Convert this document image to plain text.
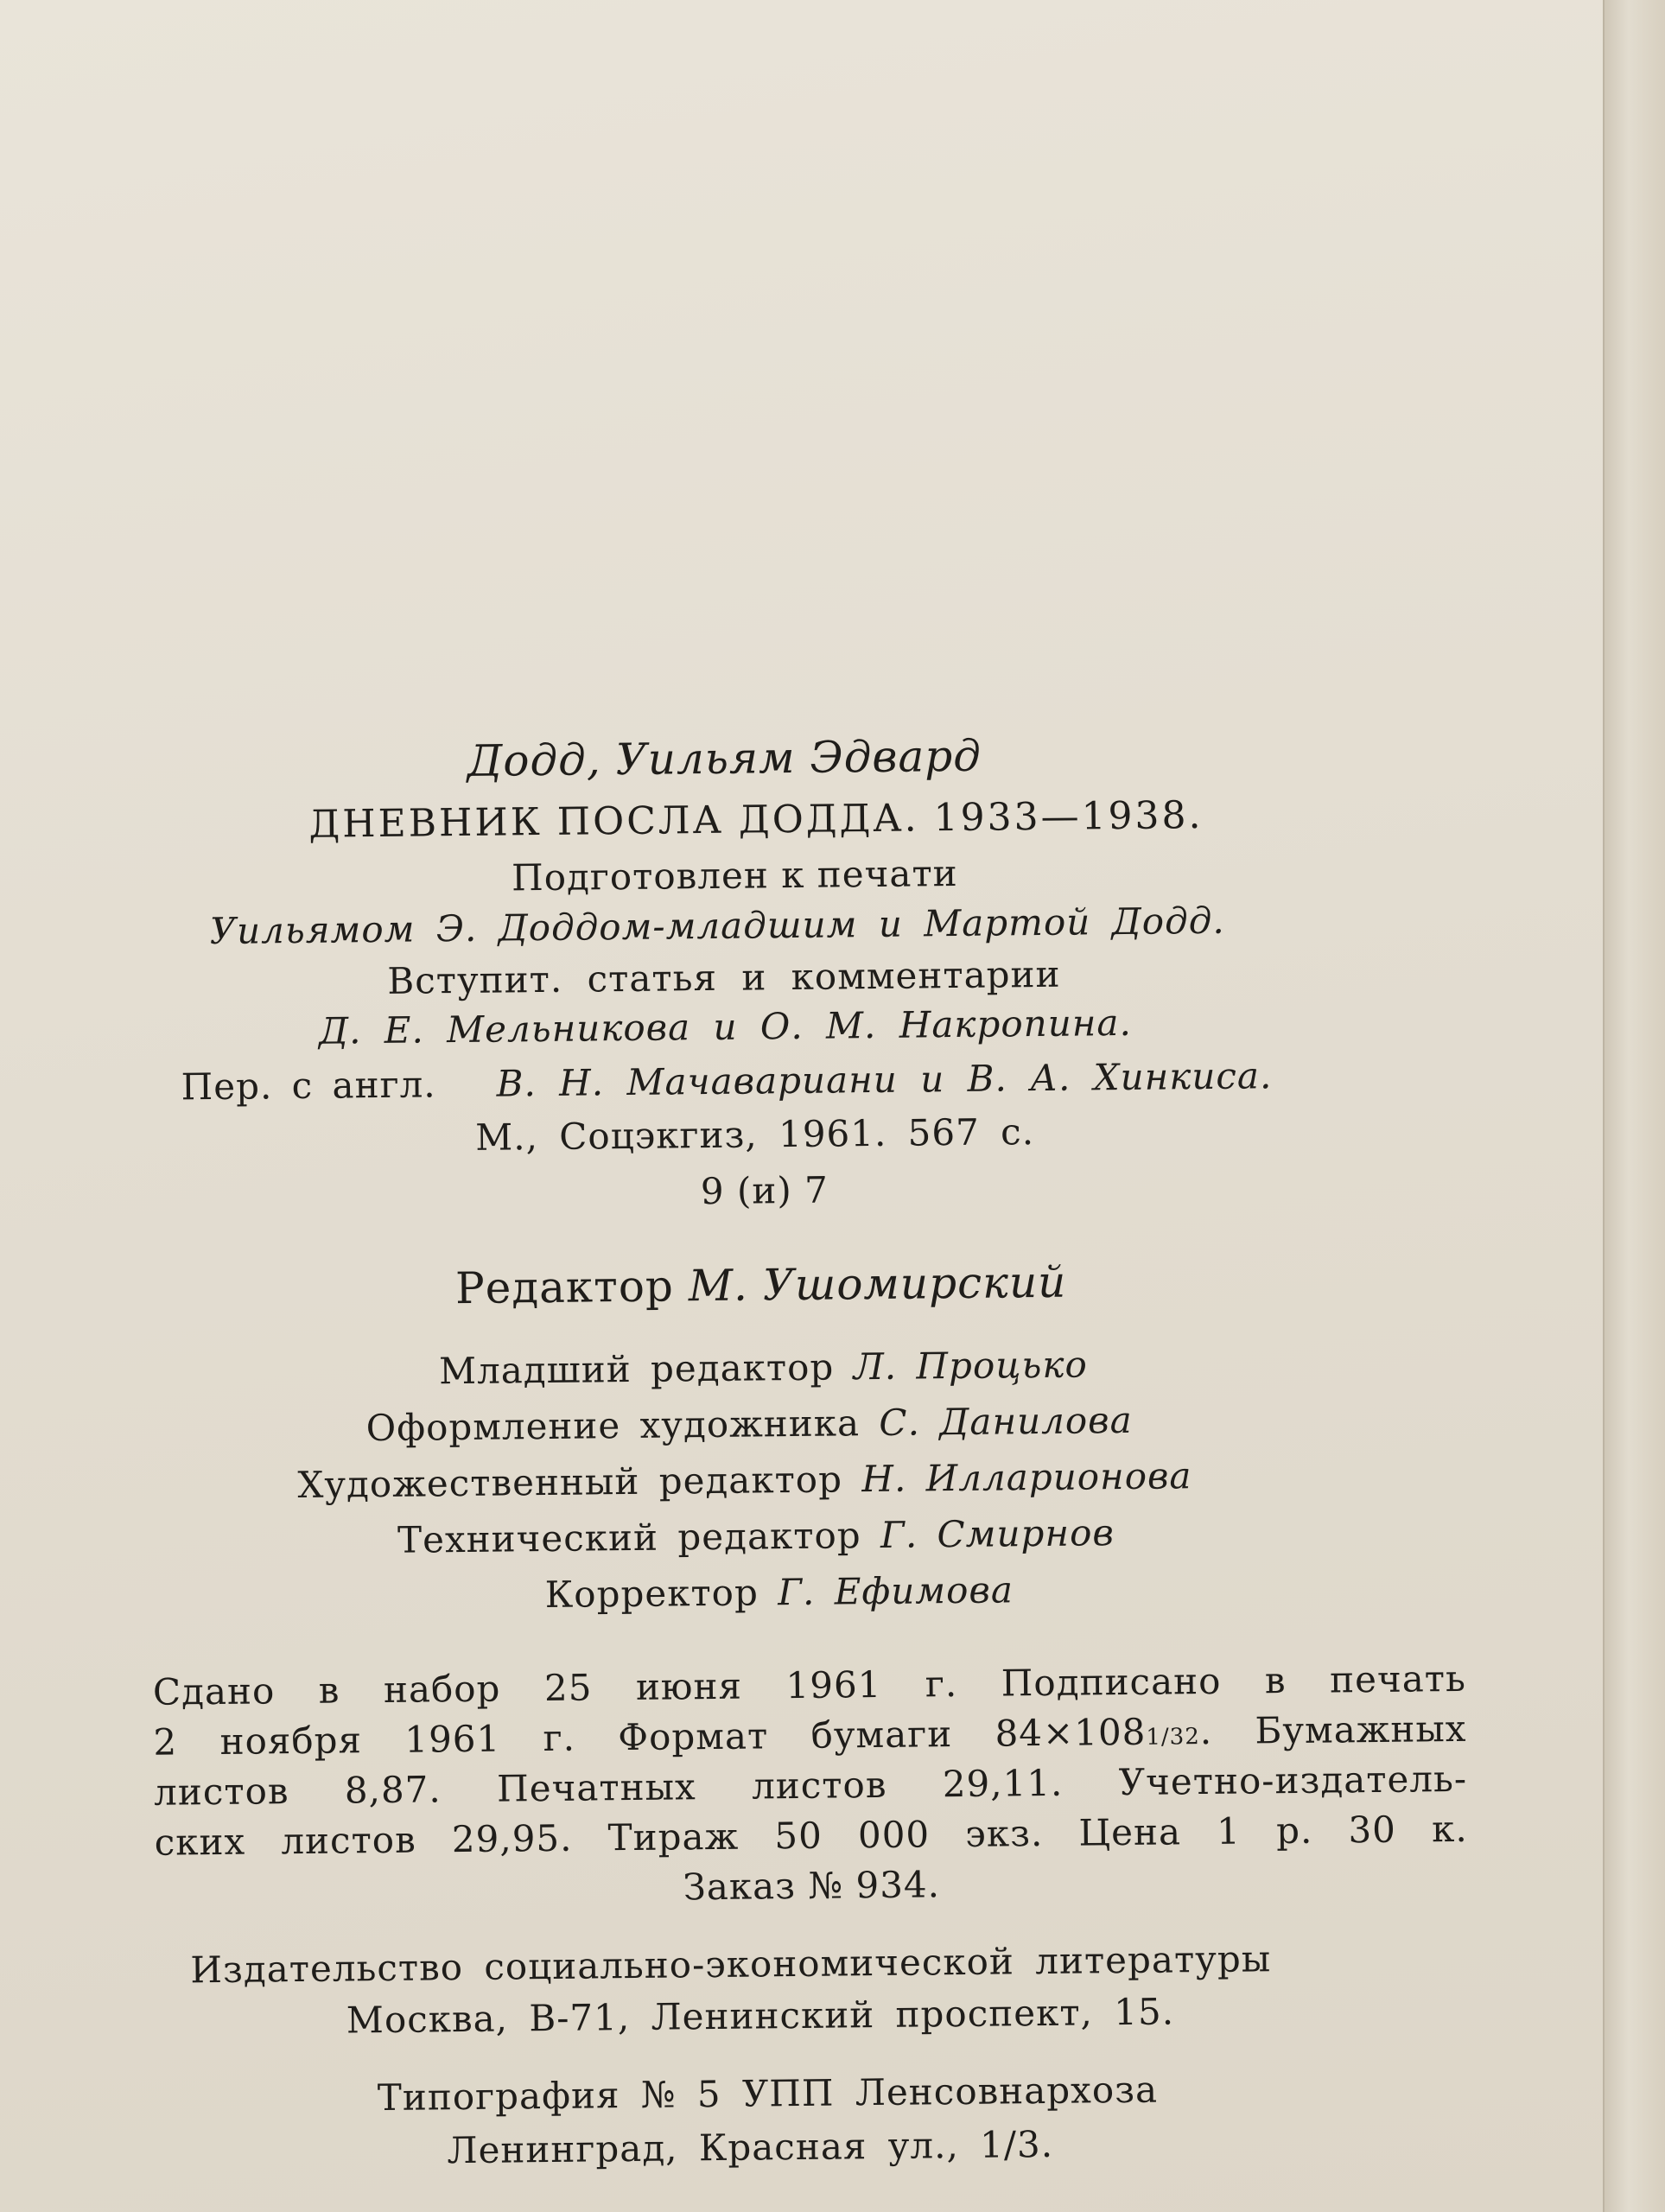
Додд, Уильям Эдвард
ДНЕВНИК ПОСЛА ДОДДА. 1933—1938.
Подготовлен к печати
Уильямом Э. Доддом-младшим и Мартой Додд.
Вступит. статья и комментарии
Д. Е. Мельникова и О. М. Накропина.
Пер. с англ. В. Н. Мачавариани и В. А. Хинкиса.
М., Соцэкгиз, 1961. 567 с.
9 (и) 7
Редактор М. Ушомирский
Младший редактор Л. Процько
Оформление художника С. Данилова
Художественный редактор Н. Илларионова
Технический редактор Г. Смирнов
Корректор Г. Ефимова
Сдано в набор 25 июня 1961 г. Подписано в печать
2 ноября 1961 г. Формат бумаги 84×1081/32. Бумажных
листов 8,87. Печатных листов 29,11. Учетно-издатель-
ских листов 29,95. Тираж 50 000 экз. Цена 1 р. 30 к.
Заказ № 934.
Издательство социально-экономической литературы
Москва, В-71, Ленинский проспект, 15.
Типография № 5 УПП Ленсовнархоза
Ленинград, Красная ул., 1/3.
